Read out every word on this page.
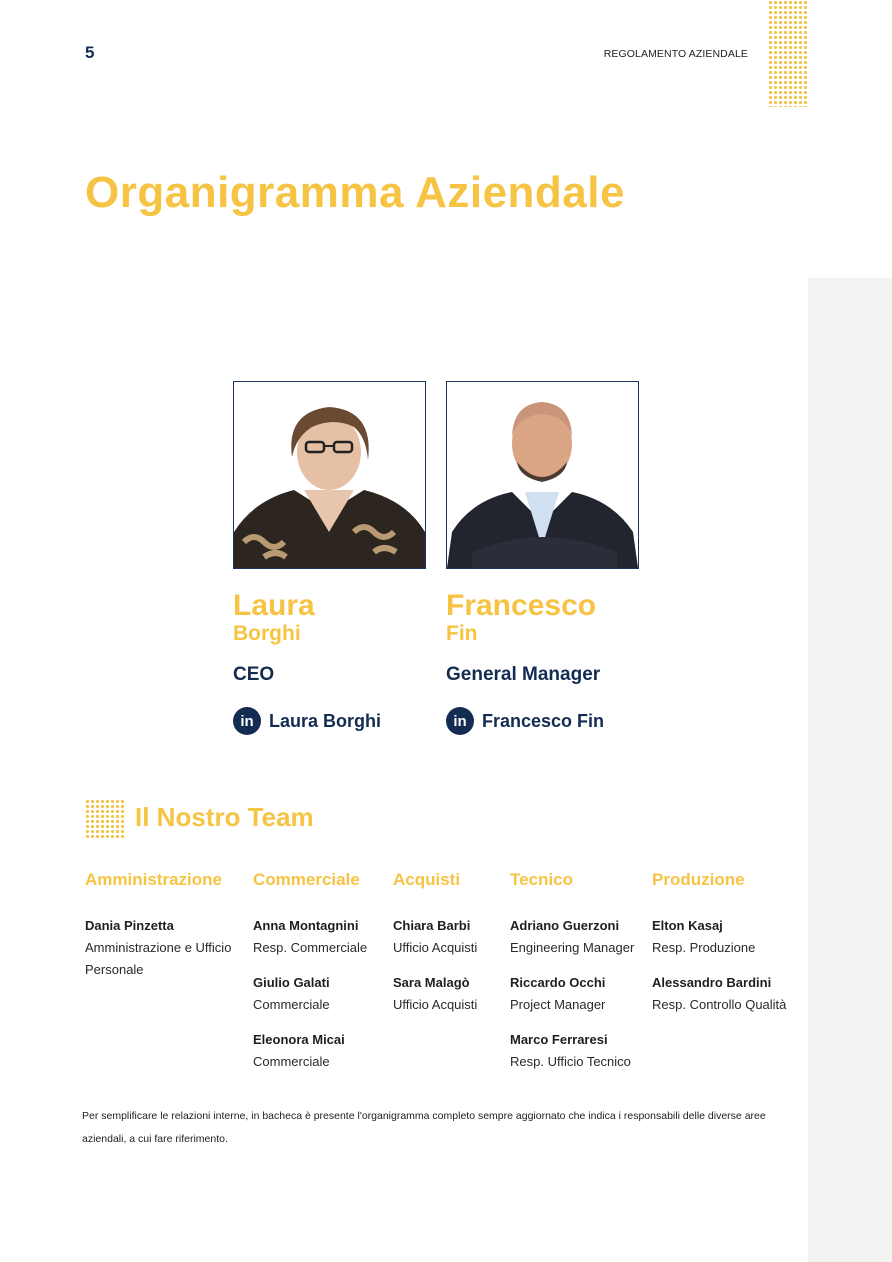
5	REGOLAMENTO AZIENDALE
Organigramma Aziendale
Laura
Borghi
CEO
in Laura Borghi
Francesco
Fin
General Manager
in Francesco Fin
Il Nostro Team
Amministrazione
Dania Pinzetta
Amministrazione e Ufficio Personale
Commerciale
Anna Montagnini
Resp. Commerciale
Giulio Galati
Commerciale
Eleonora Micai
Commerciale
Acquisti
Chiara Barbi
Ufficio Acquisti
Sara Malagò
Ufficio Acquisti
Tecnico
Adriano Guerzoni
Engineering Manager
Riccardo Occhi
Project Manager
Marco Ferraresi
Resp. Ufficio Tecnico
Produzione
Elton Kasaj
Resp. Produzione
Alessandro Bardini
Resp. Controllo Qualità
Per semplificare le relazioni interne, in bacheca è presente l'organigramma completo sempre aggiornato che indica i responsabili delle diverse aree aziendali, a cui fare riferimento.
